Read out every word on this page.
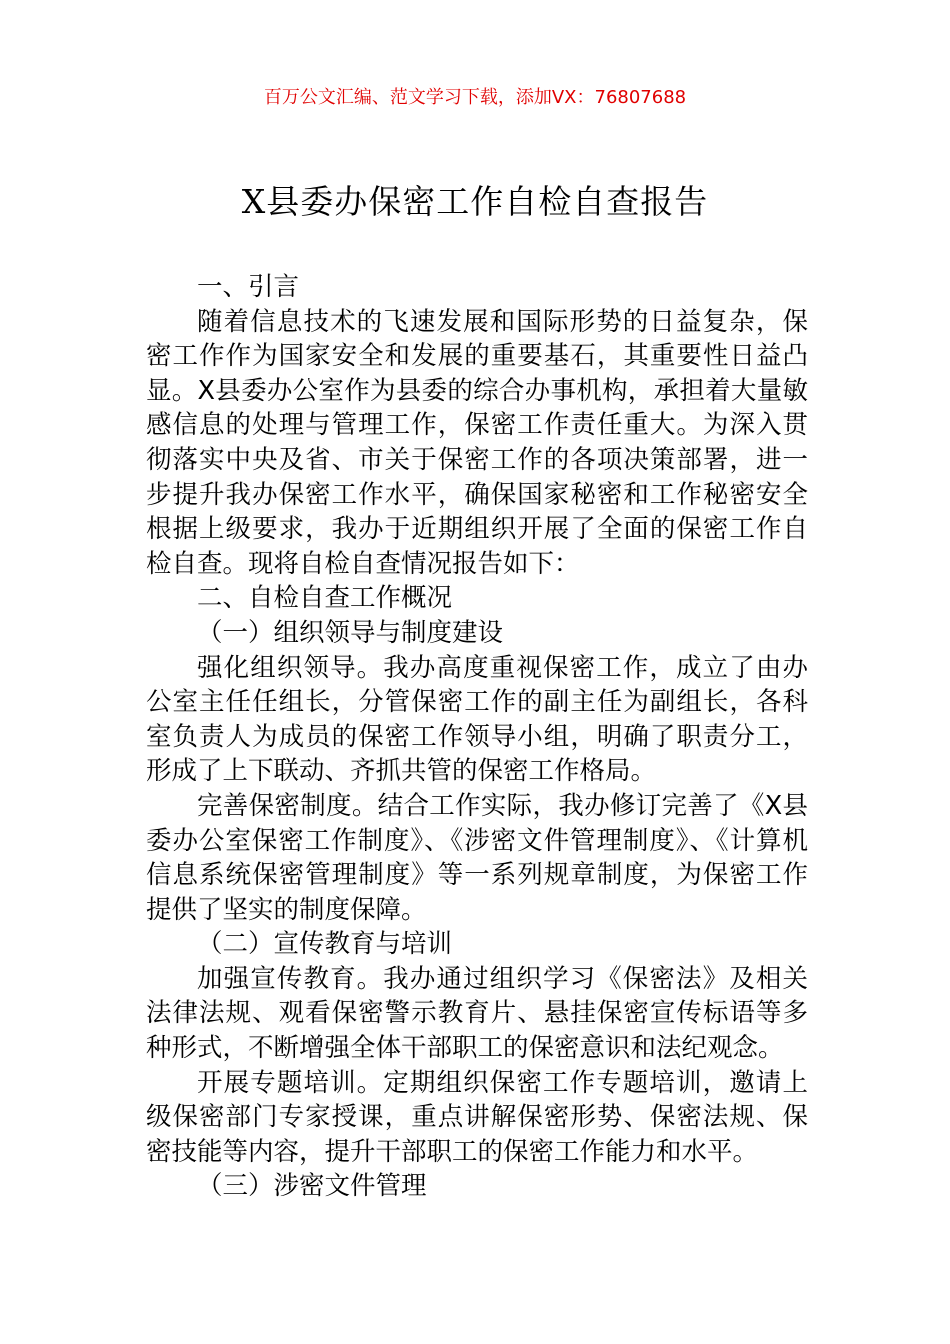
百万公文汇编、范文学习下载，添加VX：76807688
X县委办保密工作自检自查报告

一、引言

随着信息技术的飞速发展和国际形势的日益复杂，保密工作作为国家安全和发展的重要基石，其重要性日益凸显。X县委办公室作为县委的综合办事机构，承担着大量敏感信息的处理与管理工作，保密工作责任重大。为深入贯彻落实中央及省、市关于保密工作的各项决策部署，进一步提升我办保密工作水平，确保国家秘密和工作秘密安全根据上级要求，我办于近期组织开展了全面的保密工作自检自查。现将自检自查情况报告如下：

二、自检自查工作概况

（一）组织领导与制度建设

强化组织领导。我办高度重视保密工作，成立了由办公室主任任组长，分管保密工作的副主任为副组长，各科室负责人为成员的保密工作领导小组，明确了职责分工，形成了上下联动、齐抓共管的保密工作格局。

完善保密制度。结合工作实际，我办修订完善了《X县委办公室保密工作制度》、《涉密文件管理制度》、《计算机信息系统保密管理制度》等一系列规章制度，为保密工作提供了坚实的制度保障。

（二）宣传教育与培训

加强宣传教育。我办通过组织学习《保密法》及相关法律法规、观看保密警示教育片、悬挂保密宣传标语等多种形式，不断增强全体干部职工的保密意识和法纪观念。

开展专题培训。定期组织保密工作专题培训，邀请上级保密部门专家授课，重点讲解保密形势、保密法规、保密技能等内容，提升干部职工的保密工作能力和水平。

（三）涉密文件管理
